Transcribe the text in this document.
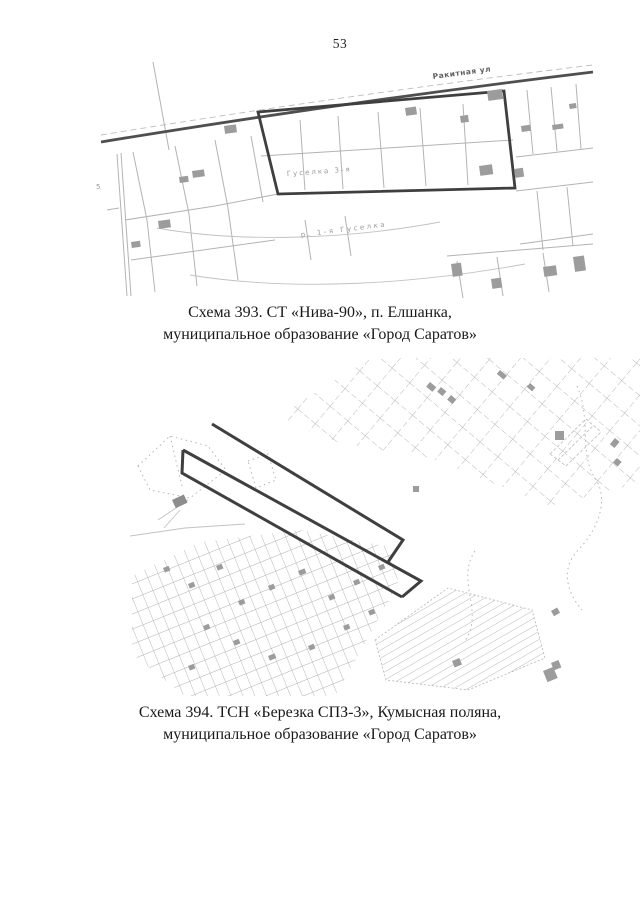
53
Ракитная ул
Гуселка 3-я
р. 1-я Гуселка
5
Схема 393. СТ «Нива-90», п. Елшанка,
муниципальное образование «Город Саратов»
Схема 394. ТСН «Березка СПЗ-3», Кумысная поляна,
муниципальное образование «Город Саратов»
